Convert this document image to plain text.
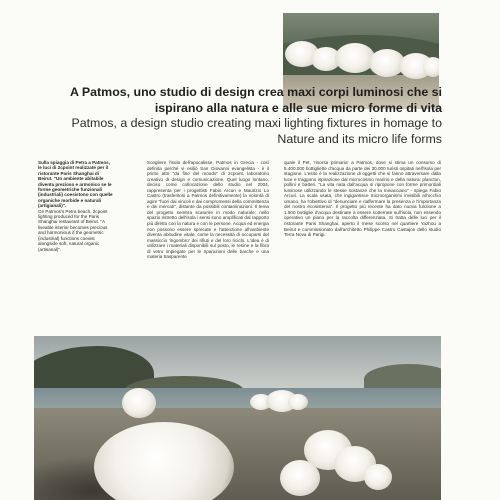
A Patmos, uno studio di design crea maxi corpi luminosi che si ispirano alla natura e alle sue micro forme di vita
Patmos, a design studio creating maxi lighting fixtures in homage to Nature and its micro life forms
Sulla spiaggia di Petra a Patmos, le luci di 2cpoint realizzate per il ristorante Paris Shanghai di Beirut. "Un ambiente abitabile diventa prezioso e armonico se le forme geometriche funzionali (industriali) coesistono con quelle organiche morbide e naturali (artigianali)".
On Patmos's Petra beach, 2cpoint lighting produced for the Paris Shanghai restaurant of Beirut. "A liveable interior becomes precious and harmonious if the geometric (industrial) functions coexist alongside soft, natural organic (artisanal)".
Scegliere l'isola dell'apocalisse, Patmos in Grecia - così definita perché vi esiliò San Giovanni evangelista - è il primo atto "da fine del mondo" di 2cpoint, laboratorio creativo di design e comunicazione. Quel luogo lontano, deciso come collocazione dello studio nel 2004, rappresenta per i progettisti Fabio Arcuri e Maurizio Lo Castro (trasferitosi a Patmos definitivamente) la volontà di agire "fuori dai vincoli e dai compromessi della committenza e dei mercati", distante da possibili contaminazioni. Il tema del progetto sembra scaturire in modo naturale: nello spazio ristretto dell'isola i sensi sono amplificati dal rapporto più diretto con la natura e con le persone. Acqua ed energia non possono essere sprecate e l'attenzione all'ambiente diventa abitudine vitale, come la necessità di occuparsi del massiccio 'ingombro' dei rifiuti e del loro riciclo. L'idea è di utilizzare i materiali disponibili sul posto, le resine e la fibra di vetro impiegate per le riparazioni delle barche e una materia trasparente
quale il Pet, 'risorsa primaria' a Patmos, dove si stima un consumo di 5.400.000 bottigliette d'acqua da parte dei 30.000 turisti ospitati nell'isola per stagione. L'esito è la realizzazione di oggetti che si fanno attraversare dalla luce e traggono ispirazione dal microcosmo marino e della natura: plancton, pollini e batteri. "La vita nata dall'acqua si ripropone con forme primordiali luminose utilizzando le stesse sostanze che la minacciano" - spiega Fabio Arcuri. La scala usata, che ingigantisce microorganismi invisibili all'occhio umano, ha l'obiettivo di "denunciare e riaffermare la presenza e l'importanza del nostro ecosistema". Il progetto più recente ha dato nuova funzione a 1.500 bottiglie d'acqua destinate a essere sotterrate sull'isola, non essendo operativo un piano per la raccolta differenziata. Si tratta delle luci per il ristorante Paris Shanghai, aperto il mese scorso nel quartiere Yazhou a Beirut e commissionato dall'architetto Philippe Castro Castajon dello studio Terra Nova di Parigi.
